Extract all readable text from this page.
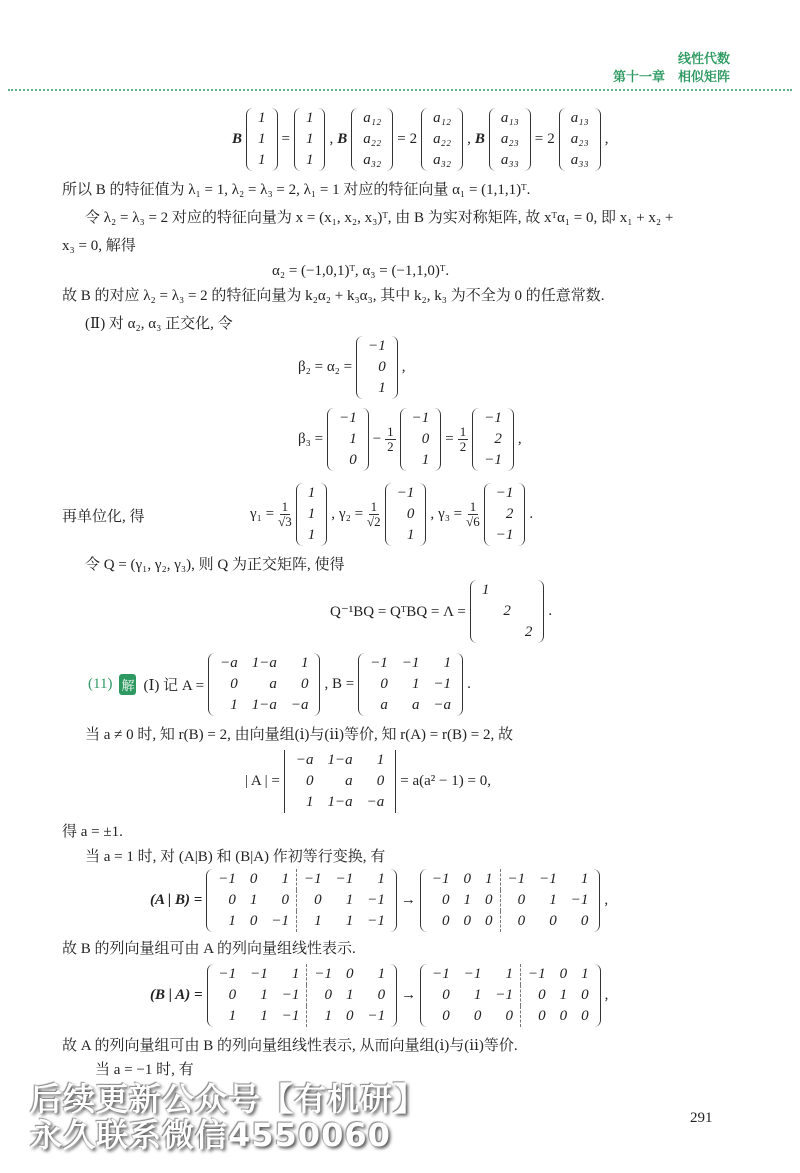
线性代数
第十一章　相似矩阵
B
1
1
1
=
1
1
1
, B
a₁₂
a₂₂
a₃₂
= 2
a₁₂
a₂₂
a₃₂
, B
a₁₃
a₂₃
a₃₃
= 2
a₁₃
a₂₃
a₃₃
,
所以 B 的特征值为 λ₁ = 1, λ₂ = λ₃ = 2, λ₁ = 1 对应的特征向量 α₁ = (1,1,1)ᵀ.
令 λ₂ = λ₃ = 2 对应的特征向量为 x = (x₁, x₂, x₃)ᵀ, 由 B 为实对称矩阵, 故 xᵀα₁ = 0, 即 x₁ + x₂ +
x₃ = 0, 解得
α₂ = (−1,0,1)ᵀ, α₃ = (−1,1,0)ᵀ.
故 B 的对应 λ₂ = λ₃ = 2 的特征向量为 k₂α₂ + k₃α₃, 其中 k₂, k₃ 为不全为 0 的任意常数.
(Ⅱ) 对 α₂, α₃ 正交化, 令
β₂ = α₂ =
−1
0
1
,
β₃ =
−1
1
0
− $\frac{1}{2}$
−1
0
1
= $\frac{1}{2}$
−1
2
−1
,
再单位化, 得	$\gamma_1 = \frac{1}{√3}$
1
1
1
, $\gamma_2 = \frac{1}{√2}$
−1
0
1
, $\gamma_3 = \frac{1}{√6}$
−1
2
−1
.
令 Q = (γ₁, γ₂, γ₃), 则 Q 为正交矩阵, 使得
Q⁻¹BQ = QᵀBQ = Λ =
1		
	2	
		2
.
(11) 解 (Ⅰ) 记 A =
−a	1−a	1
0	a	0
1	1−a	−a
, B =
−1	−1	1
0	1	−1
a	a	−a
.
当 a ≠ 0 时, 知 r(B) = 2, 由向量组(ⅰ)与(ⅱ)等价, 知 r(A) = r(B) = 2, 故
| A | =
−a	1−a	1
0	a	0
1	1−a	−a
= a(a² − 1) = 0,
得 a = ±1.
当 a = 1 时, 对 (A|B) 和 (B|A) 作初等行变换, 有
(A | B) =
−1	0	1	−1	−1	1
0	1	0	0	1	−1
1	0	−1	1	1	−1
→
−1	0	1	−1	−1	1
0	1	0	0	1	−1
0	0	0	0	0	0
,
故 B 的列向量组可由 A 的列向量组线性表示.
(B | A) =
−1	−1	1	−1	0	1
0	1	−1	0	1	0
1	1	−1	1	0	−1
→
−1	−1	1	−1	0	1
0	1	−1	0	1	0
0	0	0	0	0	0
,
故 A 的列向量组可由 B 的列向量组线性表示, 从而向量组(ⅰ)与(ⅱ)等价.
当 a = −1 时, 有
后续更新公众号【有机研】
永久联系微信4550060	291
